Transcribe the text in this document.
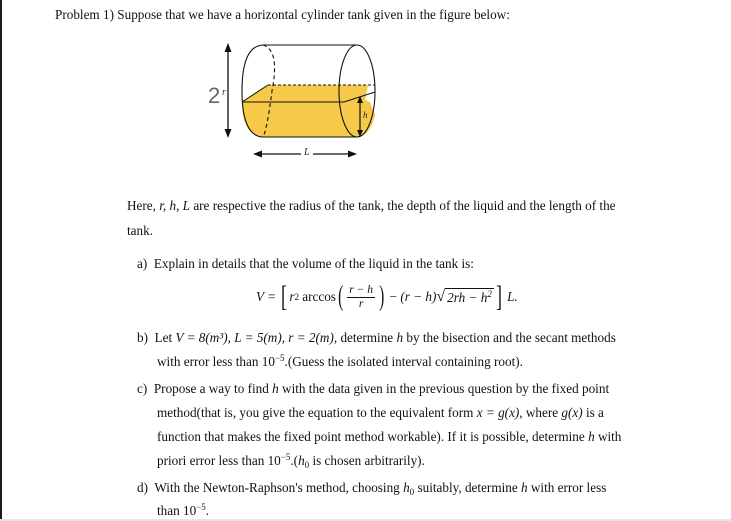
Problem 1) Suppose that we have a horizontal cylinder tank given in the figure below:
2 r
h
L
Here, r, h, L are respective the radius of the tank, the depth of the liquid and the length of the
tank.
a) Explain in details that the volume of the liquid in the tank is:
V =
[ r 2
arccos ( $\frac{r - h}{r}$ )
−
(r − h) √ $2rh - h^2$ ]
L.
b) Let V = 8(m³), L = 5(m), r = 2(m), determine h by the bisection and the secant methods
with error less than $10^{-5}.(Guess$ the isolated interval containing root).
c) Propose a way to find h with the data given in the previous question by the fixed point
method(that is, you give the equation to the equivalent form x = g(x), where g(x) is a
function that makes the fixed point method workable). If it is possible, determine h with
priori error less than $10^{-5}.(h_0$ is chosen arbitrarily).
d) With the Newton-Raphson's method, choosing $h_0$ suitably, determine h with error less
than $10^{-5}$.
